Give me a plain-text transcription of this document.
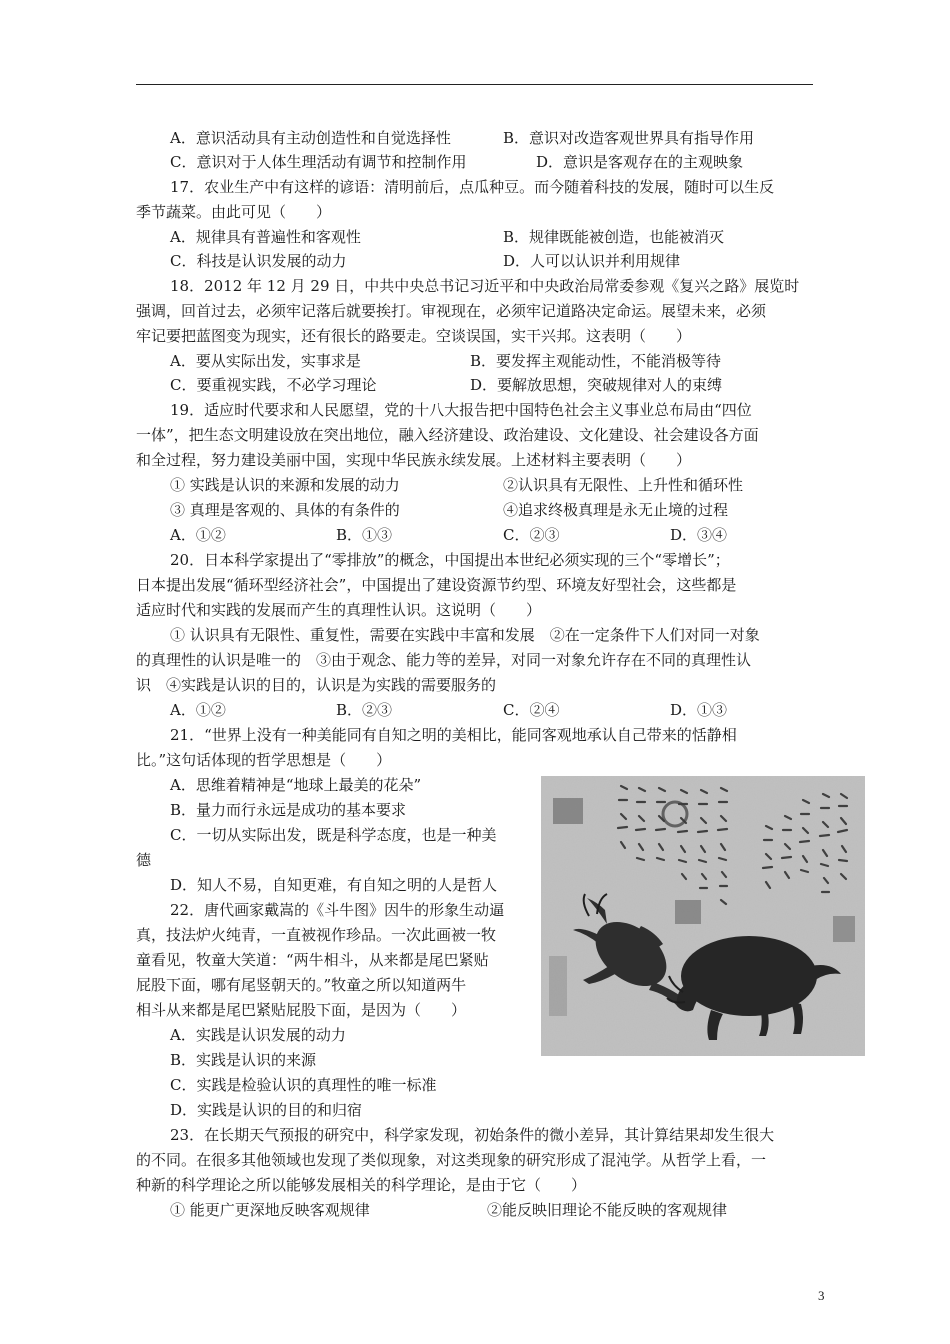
A．意识活动具有主动创造性和自觉选择性	B．意识对改造客观世界具有指导作用
C．意识对于人体生理活动有调节和控制作用	D．意识是客观存在的主观映象
17．农业生产中有这样的谚语：清明前后，点瓜种豆。而今随着科技的发展，随时可以生反
季节蔬菜。由此可见（　　）
A．规律具有普遍性和客观性	B．规律既能被创造，也能被消灭
C．科技是认识发展的动力	D．人可以认识并利用规律
18．2012 年 12 月 29 日，中共中央总书记习近平和中央政治局常委参观《复兴之路》展览时
强调，回首过去，必须牢记落后就要挨打。审视现在，必须牢记道路决定命运。展望未来，必须
牢记要把蓝图变为现实，还有很长的路要走。空谈误国，实干兴邦。这表明（　　）
A．要从实际出发，实事求是	B．要发挥主观能动性，不能消极等待
C．要重视实践，不必学习理论	D．要解放思想，突破规律对人的束缚
19．适应时代要求和人民愿望，党的十八大报告把中国特色社会主义事业总布局由“四位
一体”，把生态文明建设放在突出地位，融入经济建设、政治建设、文化建设、社会建设各方面
和全过程，努力建设美丽中国，实现中华民族永续发展。上述材料主要表明（　　）
① 实践是认识的来源和发展的动力	②认识具有无限性、上升性和循环性
③ 真理是客观的、具体的有条件的	④追求终极真理是永无止境的过程
A．①②	B．①③	C．②③	D．③④
20．日本科学家提出了“零排放”的概念，中国提出本世纪必须实现的三个“零增长”；
日本提出发展“循环型经济社会”，中国提出了建设资源节约型、环境友好型社会，这些都是
适应时代和实践的发展而产生的真理性认识。这说明（　　）
① 认识具有无限性、重复性，需要在实践中丰富和发展　②在一定条件下人们对同一对象
的真理性的认识是唯一的　③由于观念、能力等的差异，对同一对象允许存在不同的真理性认
识　④实践是认识的目的，认识是为实践的需要服务的
A．①②	B．②③	C．②④	D．①③
21．“世界上没有一种美能同有自知之明的美相比，能同客观地承认自己带来的恬静相
比。”这句话体现的哲学思想是（　　）
A．思维着精神是“地球上最美的花朵”
B．量力而行永远是成功的基本要求
C．一切从实际出发，既是科学态度，也是一种美
德
D．知人不易，自知更难，有自知之明的人是哲人
22．唐代画家戴嵩的《斗牛图》因牛的形象生动逼
真，技法炉火纯青，一直被视作珍品。一次此画被一牧
童看见，牧童大笑道：“两牛相斗，从来都是尾巴紧贴
屁股下面，哪有尾竖朝天的。”牧童之所以知道两牛
相斗从来都是尾巴紧贴屁股下面，是因为（　　）
A．实践是认识发展的动力
B．实践是认识的来源
C．实践是检验认识的真理性的唯一标准
D．实践是认识的目的和归宿
23．在长期天气预报的研究中，科学家发现，初始条件的微小差异，其计算结果却发生很大
的不同。在很多其他领域也发现了类似现象，对这类现象的研究形成了混沌学。从哲学上看，一
种新的科学理论之所以能够发展相关的科学理论，是由于它（　　）
① 能更广更深地反映客观规律	②能反映旧理论不能反映的客观规律
3
